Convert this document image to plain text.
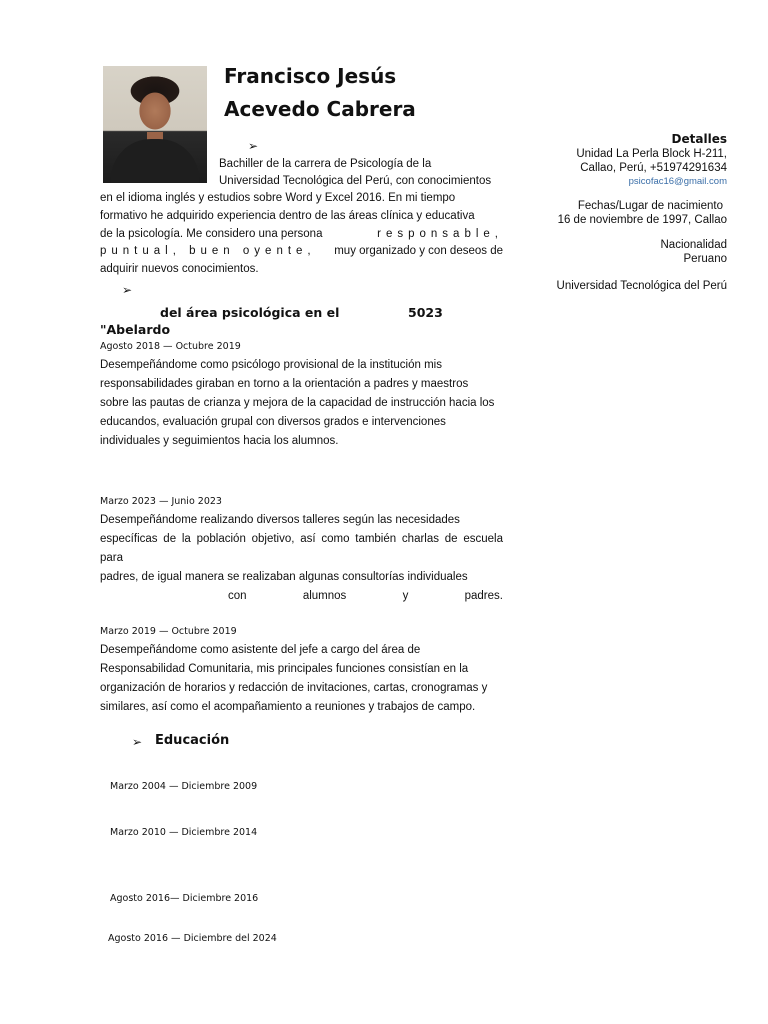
Francisco Jesús
Acevedo Cabrera
➢
Bachiller de la carrera de Psicología de la
Universidad Tecnológica del Perú, con conocimientos
en el idioma inglés y estudios sobre Word y Excel 2016. En mi tiempo
formativo he adquirido experiencia dentro de las áreas clínica y educativa
de la psicología. Me considero una persona	responsable,
puntual, buen oyente, muy organizado y con deseos de
adquirir nuevos conocimientos.
➢
del área psicológica en el	5023
"Abelardo
Agosto 2018 — Octubre 2019
Desempeñándome como psicólogo provisional de la institución mis
responsabilidades giraban en torno a la orientación a padres y maestros
sobre las pautas de crianza y mejora de la capacidad de instrucción hacia los
educandos, evaluación grupal con diversos grados e intervenciones
individuales y seguimientos hacia los alumnos.
Marzo 2023 — Junio 2023
Desempeñándome realizando diversos talleres según las necesidades
específicas de la población objetivo, así como también charlas de escuela para
padres, de igual manera se realizaban algunas consultorías individuales
con	alumnos	y	padres.
Marzo 2019 — Octubre 2019
Desempeñándome como asistente del jefe a cargo del área de
Responsabilidad Comunitaria, mis principales funciones consistían en la
organización de horarios y redacción de invitaciones, cartas, cronogramas y
similares, así como el acompañamiento a reuniones y trabajos de campo.
➢ Educación
Marzo 2004 — Diciembre 2009
Marzo 2010 — Diciembre 2014
Agosto 2016— Diciembre 2016
Agosto 2016 — Diciembre del 2024
Detalles
Unidad La Perla Block H-211,
Callao, Perú, +51974291634
psicofac16@gmail.com
Fechas/Lugar de nacimiento
16 de noviembre de 1997, Callao
Nacionalidad
Peruano
Universidad Tecnológica del Perú
